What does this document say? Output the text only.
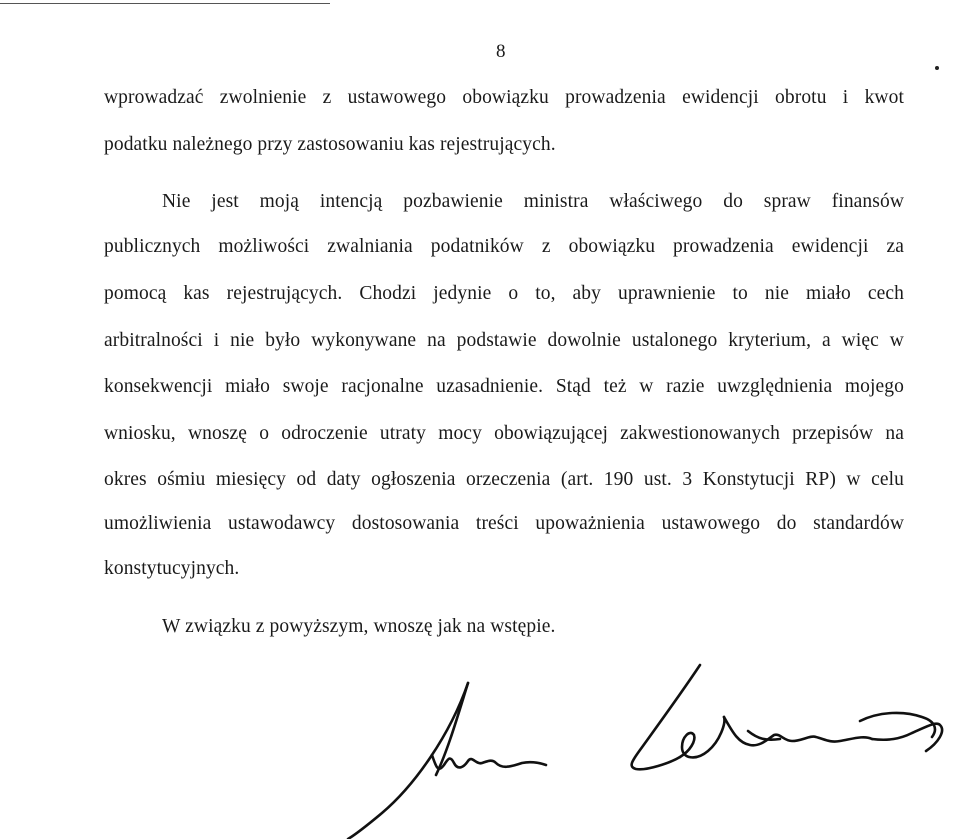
8
wprowadzać zwolnienie z ustawowego obowiązku prowadzenia ewidencji obrotu i kwot
podatku należnego przy zastosowaniu kas rejestrujących.
Nie jest moją intencją pozbawienie ministra właściwego do spraw finansów
publicznych możliwości zwalniania podatników z obowiązku prowadzenia ewidencji za
pomocą kas rejestrujących. Chodzi jedynie o to, aby uprawnienie to nie miało cech
arbitralności i nie było wykonywane na podstawie dowolnie ustalonego kryterium, a więc w
konsekwencji miało swoje racjonalne uzasadnienie. Stąd też w razie uwzględnienia mojego
wniosku, wnoszę o odroczenie utraty mocy obowiązującej zakwestionowanych przepisów na
okres ośmiu miesięcy od daty ogłoszenia orzeczenia (art. 190 ust. 3 Konstytucji RP) w celu
umożliwienia ustawodawcy dostosowania treści upoważnienia ustawowego do standardów
konstytucyjnych.
W związku z powyższym, wnoszę jak na wstępie.
